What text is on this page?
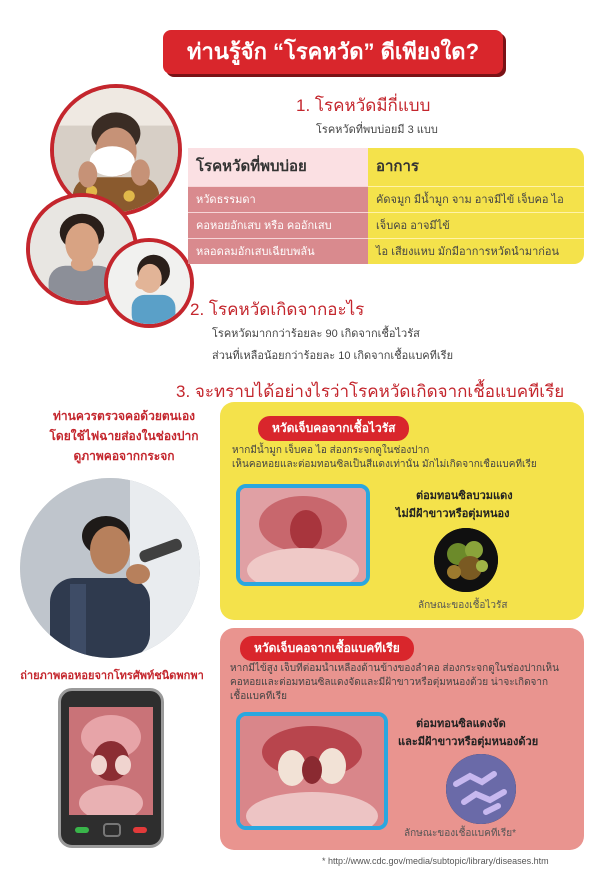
ท่านรู้จัก “โรคหวัด” ดีเพียงใด?
1. โรคหวัดมีกี่แบบ
โรคหวัดที่พบบ่อยมี 3 แบบ
โรคหวัดที่พบบ่อย	อาการ
หวัดธรรมดา	คัดจมูก มีน้ำมูก จาม อาจมีไข้ เจ็บคอ ไอ
คอหอยอักเสบ หรือ คออักเสบ	เจ็บคอ อาจมีไข้
หลอดลมอักเสบเฉียบพลัน	ไอ เสียงแหบ มักมีอาการหวัดนำมาก่อน
2. โรคหวัดเกิดจากอะไร
โรคหวัดมากกว่าร้อยละ 90 เกิดจากเชื้อไวรัส
ส่วนที่เหลือน้อยกว่าร้อยละ 10 เกิดจากเชื้อแบคทีเรีย
3. จะทราบได้อย่างไรว่าโรคหวัดเกิดจากเชื้อแบคทีเรีย
ท่านควรตรวจคอด้วยตนเอง
โดยใช้ไฟฉายส่องในช่องปาก
ดูภาพคอจากกระจก
ถ่ายภาพคอหอยจากโทรศัพท์ชนิดพกพา
หวัดเจ็บคอจากเชื้อไวรัส
หากมีน้ำมูก เจ็บคอ ไอ ส่องกระจกดูในช่องปาก
เห็นคอหอยและต่อมทอนซิลเป็นสีแดงเท่านั้น มักไม่เกิดจากเชื้อแบคทีเรีย
ต่อมทอนซิลบวมแดง
ไม่มีฝ้าขาวหรือตุ่มหนอง
ลักษณะของเชื้อไวรัส
หวัดเจ็บคอจากเชื้อแบคทีเรีย
หากมีไข้สูง เจ็บที่ต่อมน้ำเหลืองด้านข้างของลำคอ ส่องกระจกดูในช่องปากเห็น
คอหอยและต่อมทอนซิลแดงจัดและมีฝ้าขาวหรือตุ่มหนองด้วย น่าจะเกิดจาก
เชื้อแบคทีเรีย
ต่อมทอนซิลแดงจัด
และมีฝ้าขาวหรือตุ่มหนองด้วย
ลักษณะของเชื้อแบคทีเรีย*
* http://www.cdc.gov/media/subtopic/library/diseases.htm
